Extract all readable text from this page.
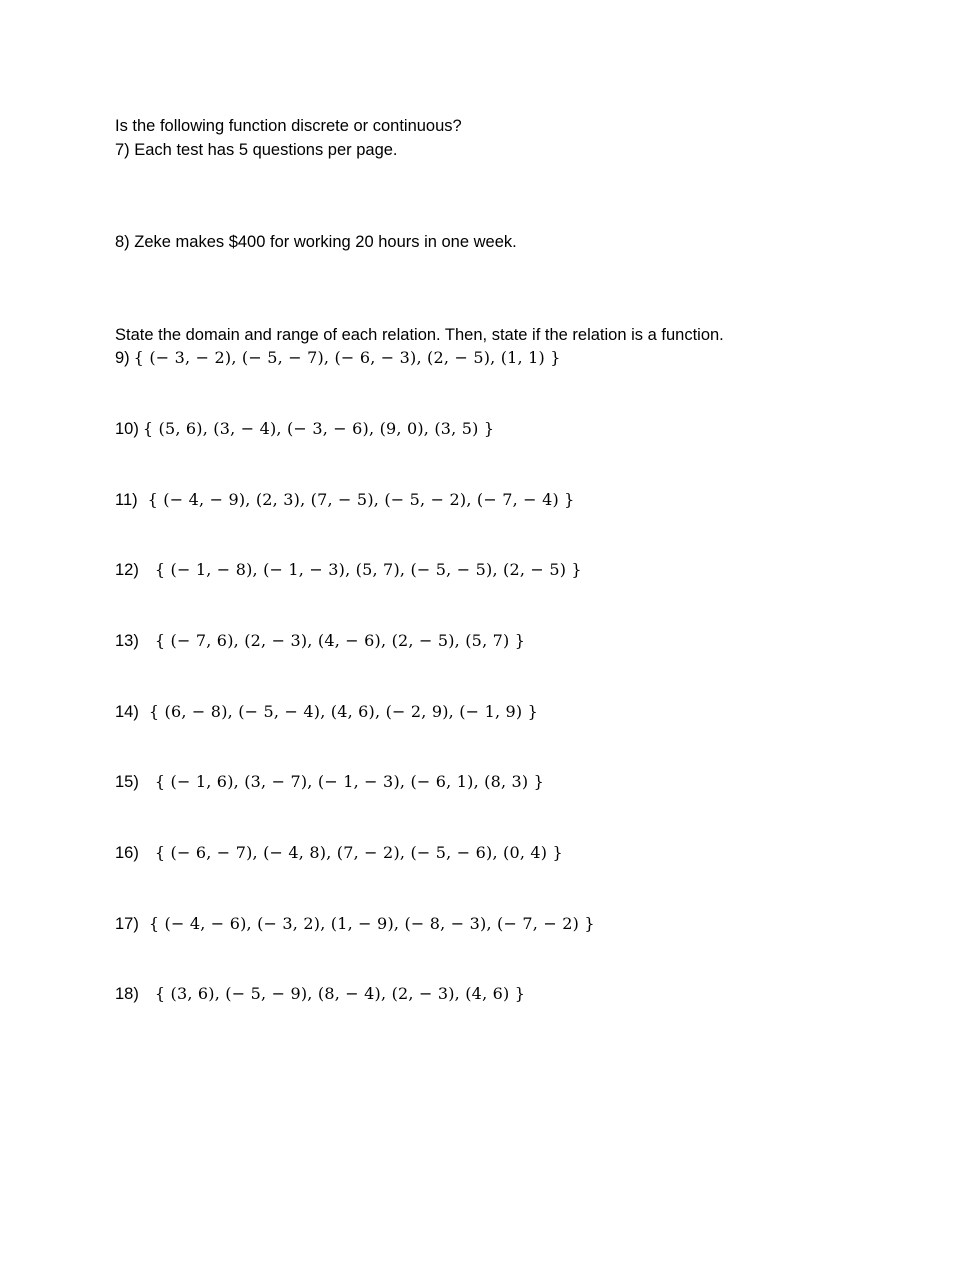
Is the following function discrete or continuous?
7) Each test has 5 questions per page.
8) Zeke makes $400 for working 20 hours in one week.
State the domain and range of each relation. Then, state if the relation is a function.
9) { (− 3, − 2), (− 5, − 7), (− 6, − 3), (2, − 5), (1, 1) }
10) { (5, 6), (3, − 4), (− 3, − 6), (9, 0), (3, 5) }
11) { (− 4, − 9), (2, 3), (7, − 5), (− 5, − 2), (− 7, − 4) }
12) { (− 1, − 8), (− 1, − 3), (5, 7), (− 5, − 5), (2, − 5) }
13) { (− 7, 6), (2, − 3), (4, − 6), (2, − 5), (5, 7) }
14) { (6, − 8), (− 5, − 4), (4, 6), (− 2, 9), (− 1, 9) }
15) { (− 1, 6), (3, − 7), (− 1, − 3), (− 6, 1), (8, 3) }
16) { (− 6, − 7), (− 4, 8), (7, − 2), (− 5, − 6), (0, 4) }
17) { (− 4, − 6), (− 3, 2), (1, − 9), (− 8, − 3), (− 7, − 2) }
18) { (3, 6), (− 5, − 9), (8, − 4), (2, − 3), (4, 6) }
